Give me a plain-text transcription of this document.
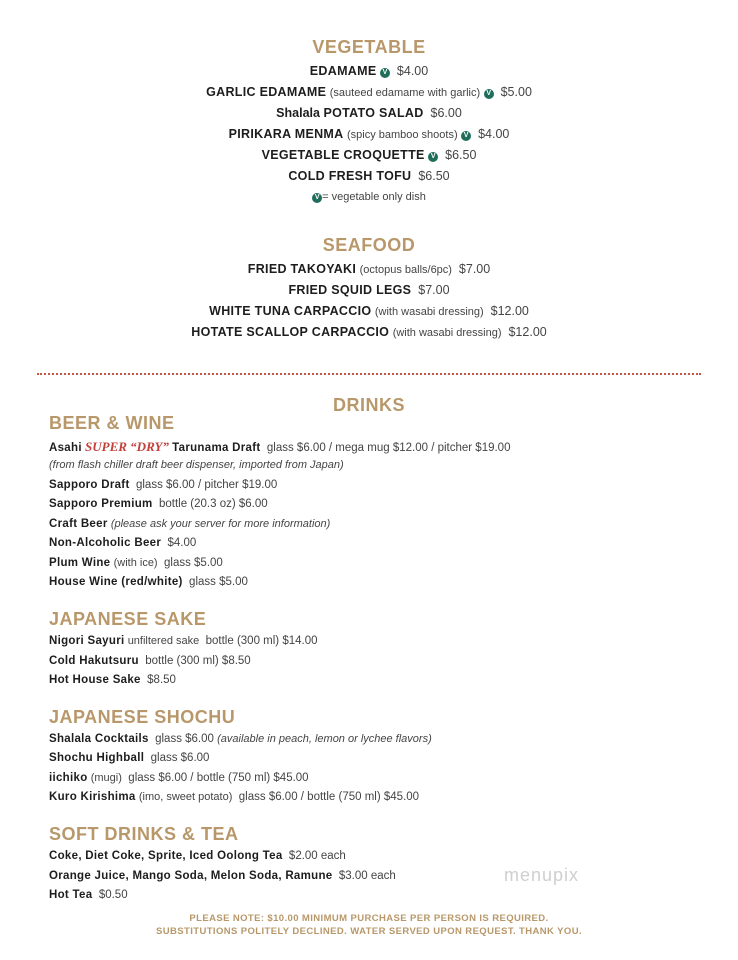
VEGETABLE
EDAMAME V $4.00
GARLIC EDAMAME (sauteed edamame with garlic) V $5.00
Shalala POTATO SALAD $6.00
PIRIKARA MENMA (spicy bamboo shoots) V $4.00
VEGETABLE CROQUETTE V $6.50
COLD FRESH TOFU $6.50
V = vegetable only dish
SEAFOOD
FRIED TAKOYAKI (octopus balls/6pc) $7.00
FRIED SQUID LEGS $7.00
WHITE TUNA CARPACCIO (with wasabi dressing) $12.00
HOTATE SCALLOP CARPACCIO (with wasabi dressing) $12.00
DRINKS
BEER & WINE
Asahi SUPER “DRY” Tarunama Draft glass $6.00 / mega mug $12.00 / pitcher $19.00
(from flash chiller draft beer dispenser, imported from Japan)
Sapporo Draft glass $6.00 / pitcher $19.00
Sapporo Premium bottle (20.3 oz) $6.00
Craft Beer (please ask your server for more information)
Non-Alcoholic Beer $4.00
Plum Wine (with ice) glass $5.00
House Wine (red/white) glass $5.00
JAPANESE SAKE
Nigori Sayuri unfiltered sake bottle (300 ml) $14.00
Cold Hakutsuru bottle (300 ml) $8.50
Hot House Sake $8.50
JAPANESE SHOCHU
Shalala Cocktails glass $6.00 (available in peach, lemon or lychee flavors)
Shochu Highball glass $6.00
iichiko (mugi) glass $6.00 / bottle (750 ml) $45.00
Kuro Kirishima (imo, sweet potato) glass $6.00 / bottle (750 ml) $45.00
SOFT DRINKS & TEA
Coke, Diet Coke, Sprite, Iced Oolong Tea $2.00 each
Orange Juice, Mango Soda, Melon Soda, Ramune $3.00 each
Hot Tea $0.50
menupix
PLEASE NOTE: $10.00 MINIMUM PURCHASE PER PERSON IS REQUIRED.
SUBSTITUTIONS POLITELY DECLINED. WATER SERVED UPON REQUEST. THANK YOU.
